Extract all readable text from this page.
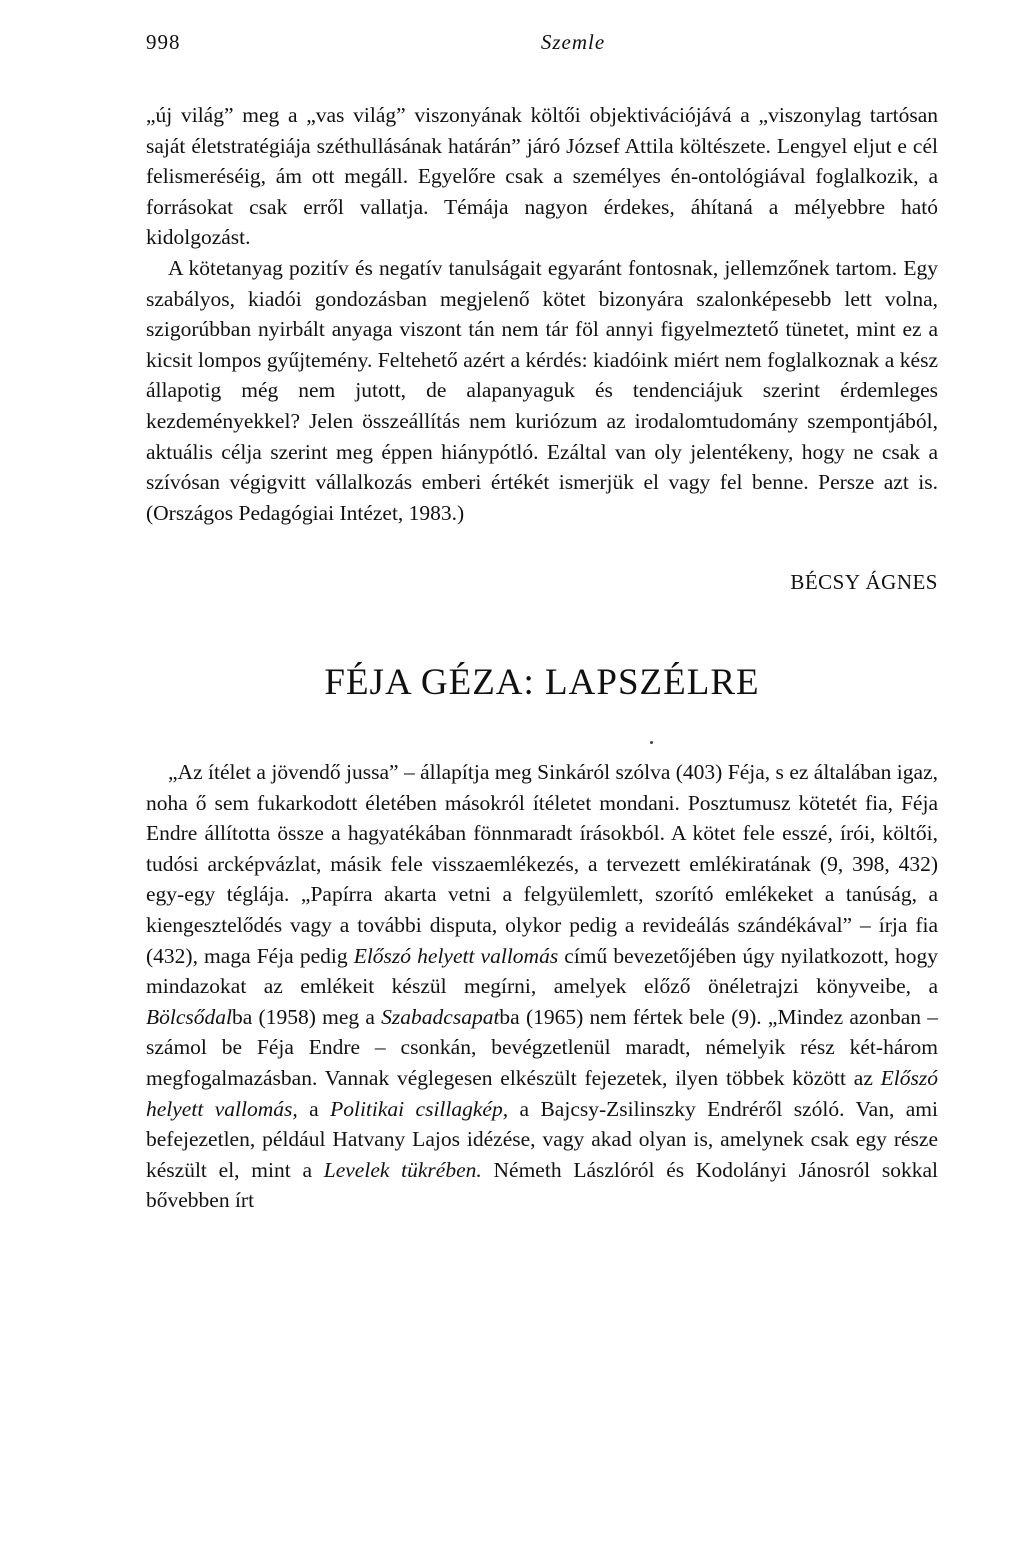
998	Szemle

„új világ” meg a „vas világ” viszonyának költői objektivációjává a „viszonylag tartósan saját életstratégiája széthullásának határán” járó József Attila költészete. Lengyel eljut e cél felismeréséig, ám ott megáll. Egyelőre csak a személyes én-ontológiával foglalkozik, a forrásokat csak erről vallatja. Témája nagyon érdekes, áhítaná a mélyebbre ható kidolgozást.

A kötetanyag pozitív és negatív tanulságait egyaránt fontosnak, jellemzőnek tartom. Egy szabályos, kiadói gondozásban megjelenő kötet bizonyára szalonképesebb lett volna, szigorúbban nyirbált anyaga viszont tán nem tár föl annyi figyelmeztető tünetet, mint ez a kicsit lompos gyűjtemény. Feltehető azért a kérdés: kiadóink miért nem foglalkoznak a kész állapotig még nem jutott, de alapanyaguk és tendenciájuk szerint érdemleges kezdeményekkel? Jelen összeállítás nem kuriózum az irodalomtudomány szempontjából, aktuális célja szerint meg éppen hiánypótló. Ezáltal van oly jelentékeny, hogy ne csak a szívósan végigvitt vállalkozás emberi értékét ismerjük el vagy fel benne. Persze azt is. (Országos Pedagógiai Intézet, 1983.)

BÉCSY ÁGNES
FÉJA GÉZA: LAPSZÉLRE

„Az ítélet a jövendő jussa” – állapítja meg Sinkáról szólva (403) Féja, s ez általában igaz, noha ő sem fukarkodott életében másokról ítéletet mondani. Posztumusz kötetét fia, Féja Endre állította össze a hagyatékában fönnmaradt írásokból. A kötet fele esszé, írói, költői, tudósi arcképvázlat, másik fele visszaemlékezés, a tervezett emlékiratának (9, 398, 432) egy-egy téglája. „Papírra akarta vetni a felgyülemlett, szorító emlékeket a tanúság, a kiengesztelődés vagy a további disputa, olykor pedig a revideálás szándékával” – írja fia (432), maga Féja pedig Előszó helyett vallomás című bevezetőjében úgy nyilatkozott, hogy mindazokat az emlékeit készül megírni, amelyek előző önéletrajzi könyveibe, a Bölcsődalba (1958) meg a Szabadcsapatba (1965) nem fértek bele (9). „Mindez azonban – számol be Féja Endre – csonkán, bevégzetlenül maradt, némelyik rész két-három megfogalmazásban. Vannak véglegesen elkészült fejezetek, ilyen többek között az Előszó helyett vallomás, a Politikai csillagkép, a Bajcsy-Zsilinszky Endréről szóló. Van, ami befejezetlen, például Hatvany Lajos idézése, vagy akad olyan is, amelynek csak egy része készült el, mint a Levelek tükrében. Németh Lászlóról és Kodolányi Jánosról sokkal bővebben írt
